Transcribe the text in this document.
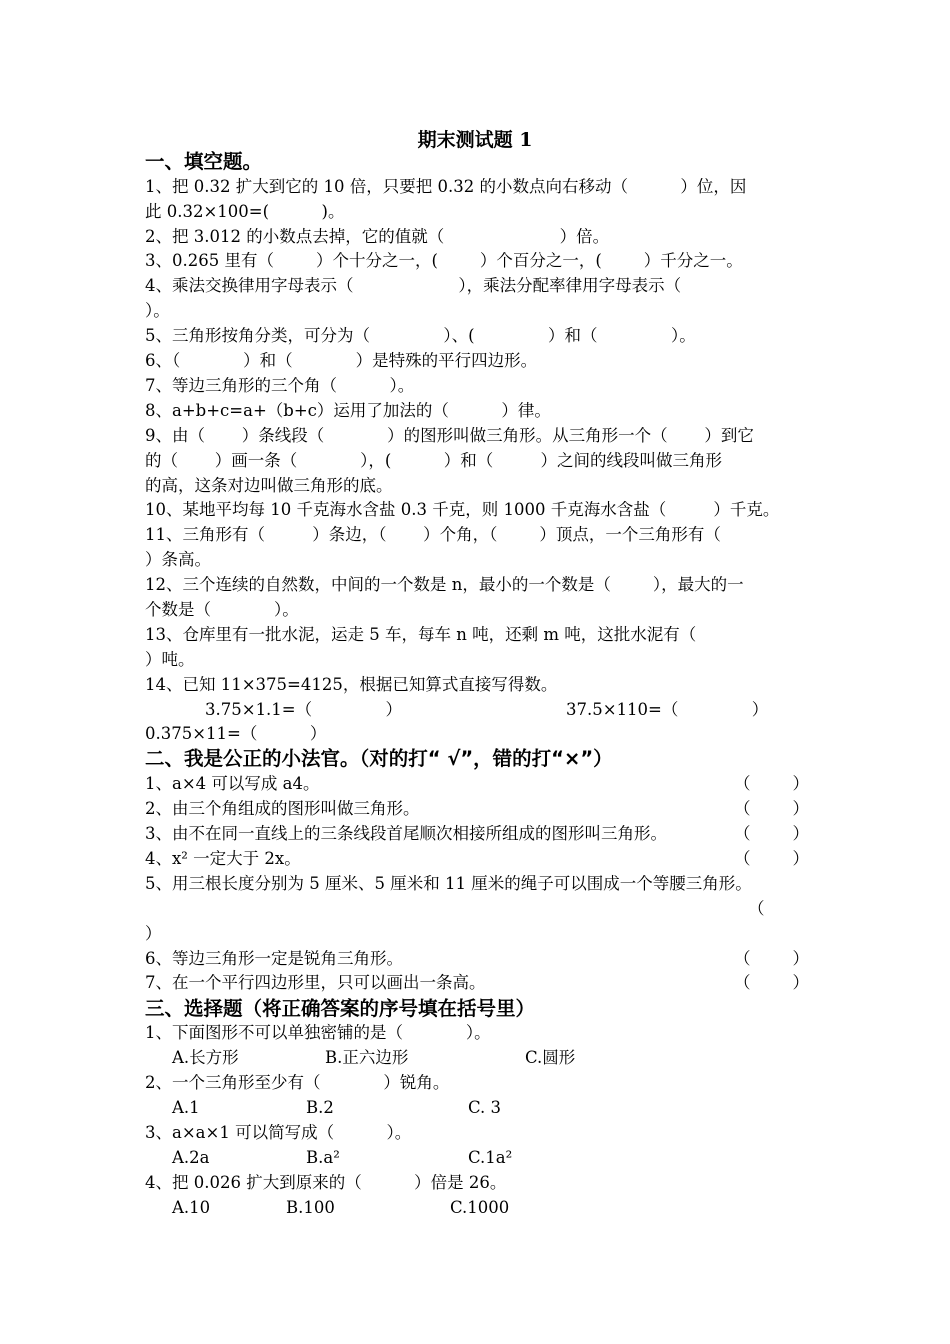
期末测试题 1
一、填空题。
1、把 0.32 扩大到它的 10 倍，只要把 0.32 的小数点向右移动（          ）位，因
此 0.32×100=(          )。
2、把 3.012 的小数点去掉，它的值就（                      ）倍。
3、0.265 里有（        ）个十分之一，(        ）个百分之一，(        ）千分之一。
4、乘法交换律用字母表示（                    ），乘法分配率律用字母表示（
）。
5、三角形按角分类，可分为（              ）、(              ）和（              ）。
6、（            ）和（            ）是特殊的平行四边形。
7、等边三角形的三个角（          ）。
8、a+b+c=a+（b+c）运用了加法的（          ）律。
9、由（       ）条线段（            ）的图形叫做三角形。从三角形一个（       ）到它
的（       ）画一条（            ），(          ）和（         ）之间的线段叫做三角形
的高，这条对边叫做三角形的底。
10、某地平均每 10 千克海水含盐 0.3 千克，则 1000 千克海水含盐（         ）千克。
11、三角形有（         ）条边，（       ）个角，（        ）顶点，一个三角形有（
）条高。
12、三个连续的自然数，中间的一个数是 n，最小的一个数是（        ），最大的一
个数是（            ）。
13、仓库里有一批水泥，运走 5 车，每车 n 吨，还剩 m 吨，这批水泥有（
）吨。
14、已知 11×375=4125，根据已知算式直接写得数。
3.75×1.1=（              ）	37.5×110=（              ）
0.375×11=（          ）
二、我是公正的小法官。（对的打“ √”，错的打“×”）
1、a×4 可以写成 a4。	（        ）
2、由三个角组成的图形叫做三角形。	（        ）
3、由不在同一直线上的三条线段首尾顺次相接所组成的图形叫三角形。	（        ）
4、x² 一定大于 2x。	（        ）
5、用三根长度分别为 5 厘米、5 厘米和 11 厘米的绳子可以围成一个等腰三角形。
（
）
6、等边三角形一定是锐角三角形。	（        ）
7、在一个平行四边形里，只可以画出一条高。	（        ）
三、选择题（将正确答案的序号填在括号里）
1、下面图形不可以单独密铺的是（            ）。
A.长方形	B.正六边形	C.圆形
2、一个三角形至少有（            ）锐角。
A.1	B.2	C. 3
3、a×a×1 可以简写成（          ）。
A.2a	B.a²	C.1a²
4、把 0.026 扩大到原来的（          ）倍是 26。
A.10	B.100	C.1000
